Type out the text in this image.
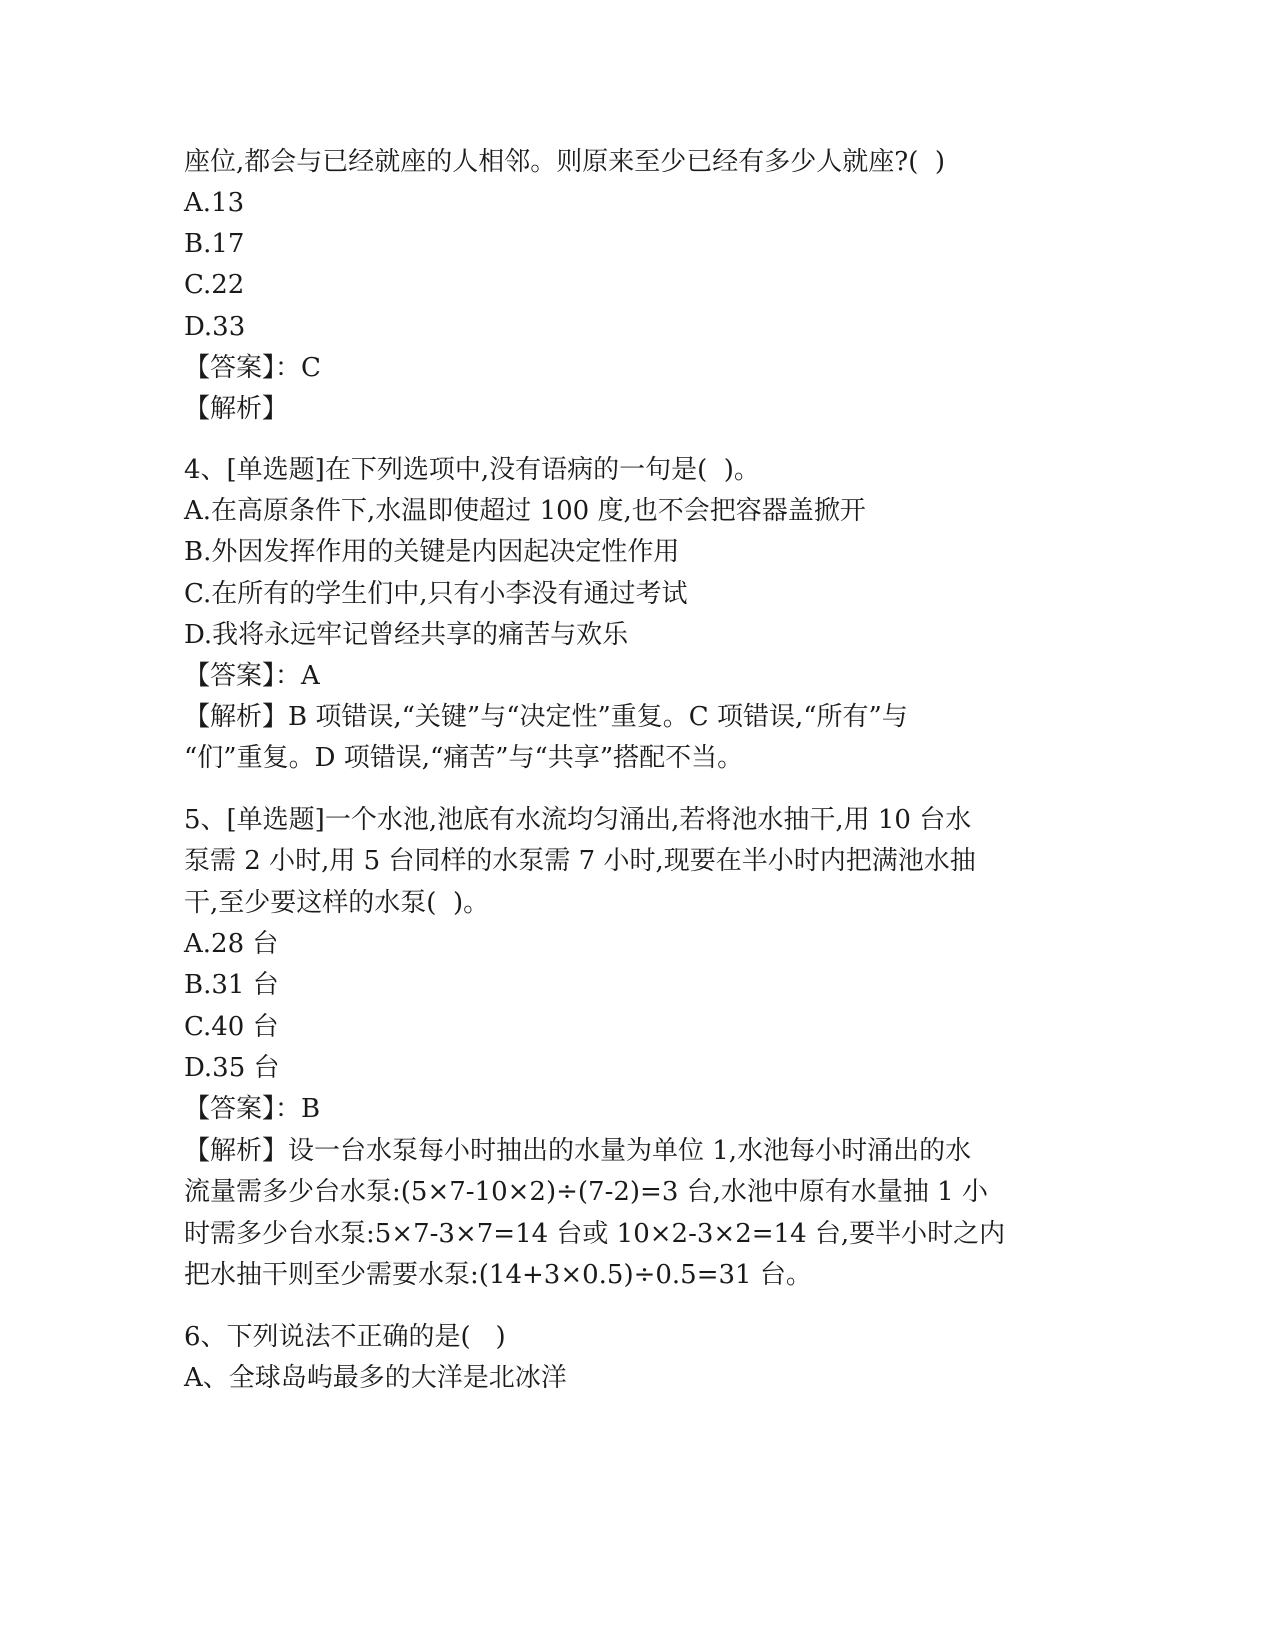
座位,都会与已经就座的人相邻。则原来至少已经有多少人就座?(  )
A.13
B.17
C.22
D.33
【答案】：C
【解析】
4、[单选题]在下列选项中,没有语病的一句是(  )。
A.在高原条件下,水温即使超过 100 度,也不会把容器盖掀开
B.外因发挥作用的关键是内因起决定性作用
C.在所有的学生们中,只有小李没有通过考试
D.我将永远牢记曾经共享的痛苦与欢乐
【答案】：A
【解析】B 项错误,“关键”与“决定性”重复。C 项错误,“所有”与
“们”重复。D 项错误,“痛苦”与“共享”搭配不当。
5、[单选题]一个水池,池底有水流均匀涌出,若将池水抽干,用 10 台水
泵需 2 小时,用 5 台同样的水泵需 7 小时,现要在半小时内把满池水抽
干,至少要这样的水泵(  )。
A.28 台
B.31 台
C.40 台
D.35 台
【答案】：B
【解析】设一台水泵每小时抽出的水量为单位 1,水池每小时涌出的水
流量需多少台水泵:(5×7-10×2)÷(7-2)=3 台,水池中原有水量抽 1 小
时需多少台水泵:5×7-3×7=14 台或 10×2-3×2=14 台,要半小时之内
把水抽干则至少需要水泵:(14+3×0.5)÷0.5=31 台。
6、下列说法不正确的是(   )
A、全球岛屿最多的大洋是北冰洋
